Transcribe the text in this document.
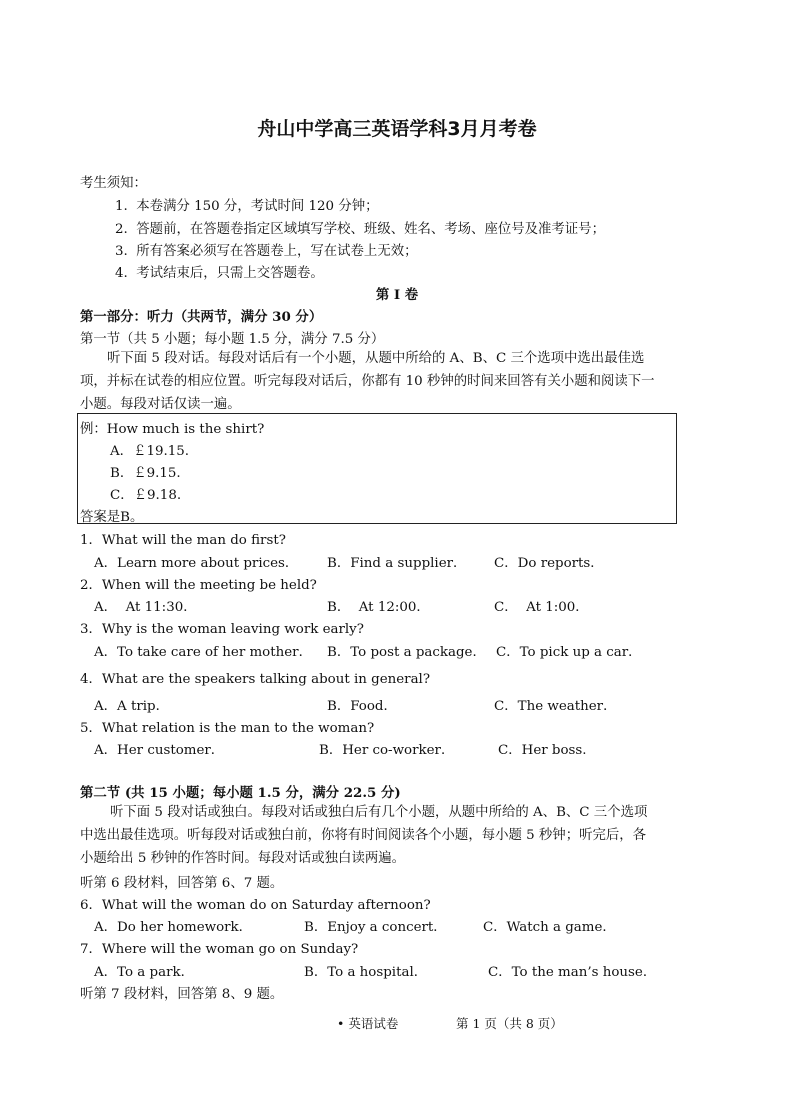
舟山中学高三英语学科3月月考卷
考生须知：
1.  本卷满分 150 分，考试时间 120 分钟；
2.  答题前，在答题卷指定区域填写学校、班级、姓名、考场、座位号及准考证号；
3.  所有答案必须写在答题卷上，写在试卷上无效；
4.  考试结束后，只需上交答题卷。
第 I 卷
第一部分：听力（共两节，满分 30 分）
第一节（共 5 小题；每小题 1.5 分，满分 7.5 分）
听下面 5 段对话。每段对话后有一个小题，从题中所给的 A、B、C 三个选项中选出最佳选
项，并标在试卷的相应位置。听完每段对话后，你都有 10 秒钟的时间来回答有关小题和阅读下一
小题。每段对话仅读一遍。
例：How much is the shirt?
A．￡19.15.
B．￡9.15.
C．￡9.18.
答案是B。
1．What will the man do first?
A．Learn more about prices． B．Find a supplier． C．Do reports．
2．When will the meeting be held?
A．  At 11:30．	B．  At 12:00．	C．  At 1:00．
3．Why is the woman leaving work early?
A．To take care of her mother． B．To post a package． C．To pick up a car．
4．What are the speakers talking about in general?
A．A trip．	B．Food．	C．The weather．
5．What relation is the man to the woman?
A．Her customer．	B．Her co-worker．	C．Her boss.
第二节 (共 15 小题；每小题 1.5 分，满分 22.5 分)
听下面 5 段对话或独白。每段对话或独白后有几个小题，从题中所给的 A、B、C 三个选项
中选出最佳选项。听每段对话或独白前，你将有时间阅读各个小题，每小题 5 秒钟；听完后，各
小题给出 5 秒钟的作答时间。每段对话或独白读两遍。
听第 6 段材料，回答第 6、7 题。
6．What will the woman do on Saturday afternoon?
A．Do her homework．	B．Enjoy a concert．	C．Watch a game．
7．Where will the woman go on Sunday?
A．To a park．	B．To a hospital．	C．To the man’s house．
听第 7 段材料，回答第 8、9 题。
• 英语试卷	第 1 页（共 8 页）
